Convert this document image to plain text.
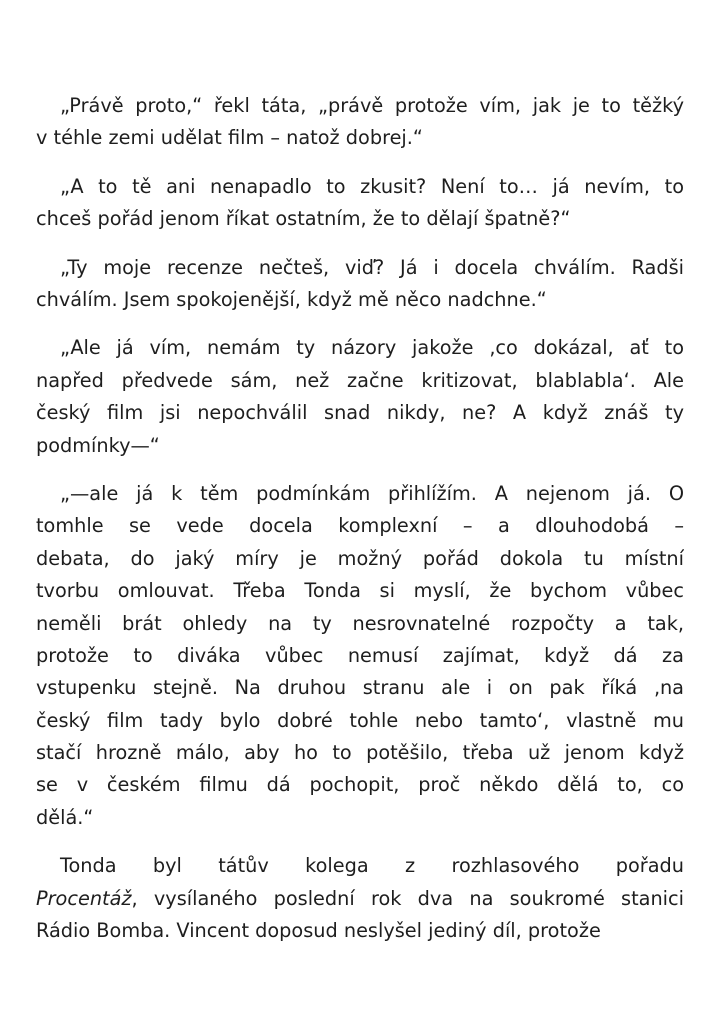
„Právě proto,“ řekl táta, „právě protože vím, jak je to těžký
v téhle zemi udělat film – natož dobrej.“
„A to tě ani nenapadlo to zkusit? Není to… já nevím, to
chceš pořád jenom říkat ostatním, že to dělají špatně?“
„Ty moje recenze nečteš, viď? Já i docela chválím. Radši
chválím. Jsem spokojenější, když mě něco nadchne.“
„Ale já vím, nemám ty názory jakože ‚co dokázal, ať to
napřed předvede sám, než začne kritizovat, blablabla‘. Ale
český film jsi nepochválil snad nikdy, ne? A když znáš ty
podmínky—“
„—ale já k těm podmínkám přihlížím. A nejenom já. O
tomhle se vede docela komplexní – a dlouhodobá –
debata, do jaký míry je možný pořád dokola tu místní
tvorbu omlouvat. Třeba Tonda si myslí, že bychom vůbec
neměli brát ohledy na ty nesrovnatelné rozpočty a tak,
protože to diváka vůbec nemusí zajímat, když dá za
vstupenku stejně. Na druhou stranu ale i on pak říká ‚na
český film tady bylo dobré tohle nebo tamto‘, vlastně mu
stačí hrozně málo, aby ho to potěšilo, třeba už jenom když
se v českém filmu dá pochopit, proč někdo dělá to, co
dělá.“
Tonda byl tátův kolega z rozhlasového pořadu
Procentáž, vysílaného poslední rok dva na soukromé stanici
Rádio Bomba. Vincent doposud neslyšel jediný díl, protože
